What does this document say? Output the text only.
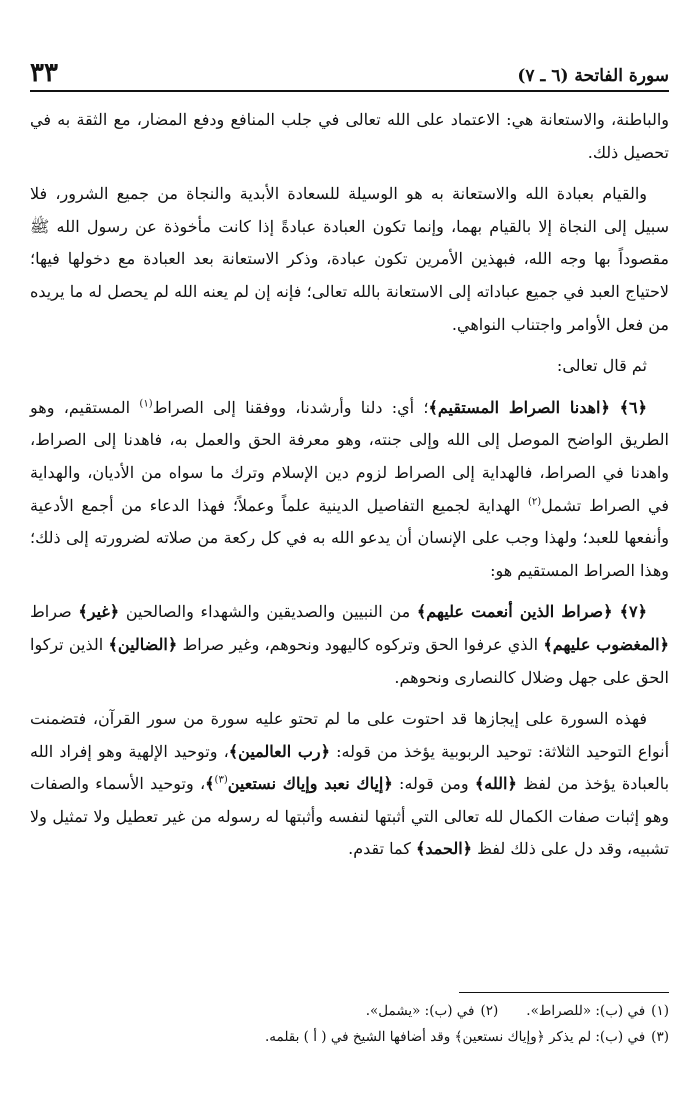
سورة الفاتحة (٦ ـ ٧)
٣٣

والباطنة، والاستعانة هي: الاعتماد على الله تعالى في جلب المنافع ودفع المضار، مع الثقة به في تحصيل ذلك.

والقيام بعبادة الله والاستعانة به هو الوسيلة للسعادة الأبدية والنجاة من جميع الشرور، فلا سبيل إلى النجاة إلا بالقيام بهما، وإنما تكون العبادة عبادةً إذا كانت مأخوذة عن رسول الله ﷺ مقصوداً بها وجه الله، فبهذين الأمرين تكون عبادة، وذكر الاستعانة بعد العبادة مع دخولها فيها؛ لاحتياج العبد في جميع عباداته إلى الاستعانة بالله تعالى؛ فإنه إن لم يعنه الله لم يحصل له ما يريده من فعل الأوامر واجتناب النواهي.

ثم قال تعالى:

﴿٦﴾ ﴿اهدنا الصراط المستقيم﴾؛ أي: دلنا وأرشدنا، ووفقنا إلى الصراط$^{(١)}$ المستقيم، وهو الطريق الواضح الموصل إلى الله وإلى جنته، وهو معرفة الحق والعمل به، فاهدنا إلى الصراط، واهدنا في الصراط، فالهداية إلى الصراط لزوم دين الإسلام وترك ما سواه من الأديان، والهداية في الصراط تشمل$^{(٢)}$ الهداية لجميع التفاصيل الدينية علماً وعملاً؛ فهذا الدعاء من أجمع الأدعية وأنفعها للعبد؛ ولهذا وجب على الإنسان أن يدعو الله به في كل ركعة من صلاته لضرورته إلى ذلك؛ وهذا الصراط المستقيم هو:

﴿٧﴾ ﴿صراط الذين أنعمت عليهم﴾ من النبيين والصديقين والشهداء والصالحين ﴿غير﴾ صراط ﴿المغضوب عليهم﴾ الذي عرفوا الحق وتركوه كاليهود ونحوهم، وغير صراط ﴿الضالين﴾ الذين تركوا الحق على جهل وضلال كالنصارى ونحوهم.

فهذه السورة على إيجازها قد احتوت على ما لم تحتو عليه سورة من سور القرآن، فتضمنت أنواع التوحيد الثلاثة: توحيد الربوبية يؤخذ من قوله: ﴿رب العالمين﴾، وتوحيد الإلهية وهو إفراد الله بالعبادة يؤخذ من لفظ ﴿الله﴾ ومن قوله: ﴿إياك نعبد وإياك نستعين$^{(٣)}$﴾، وتوحيد الأسماء والصفات وهو إثبات صفات الكمال لله تعالى التي أثبتها لنفسه وأثبتها له رسوله من غير تعطيل ولا تمثيل ولا تشبيه، وقد دل على ذلك لفظ ﴿الحمد﴾ كما تقدم.

(١)في (ب): «للصراط».
(٢)في (ب): «يشمل».
(٣)في (ب): لم يذكر ﴿وإياك نستعين﴾ وقد أضافها الشيخ في ( أ ) بقلمه.
